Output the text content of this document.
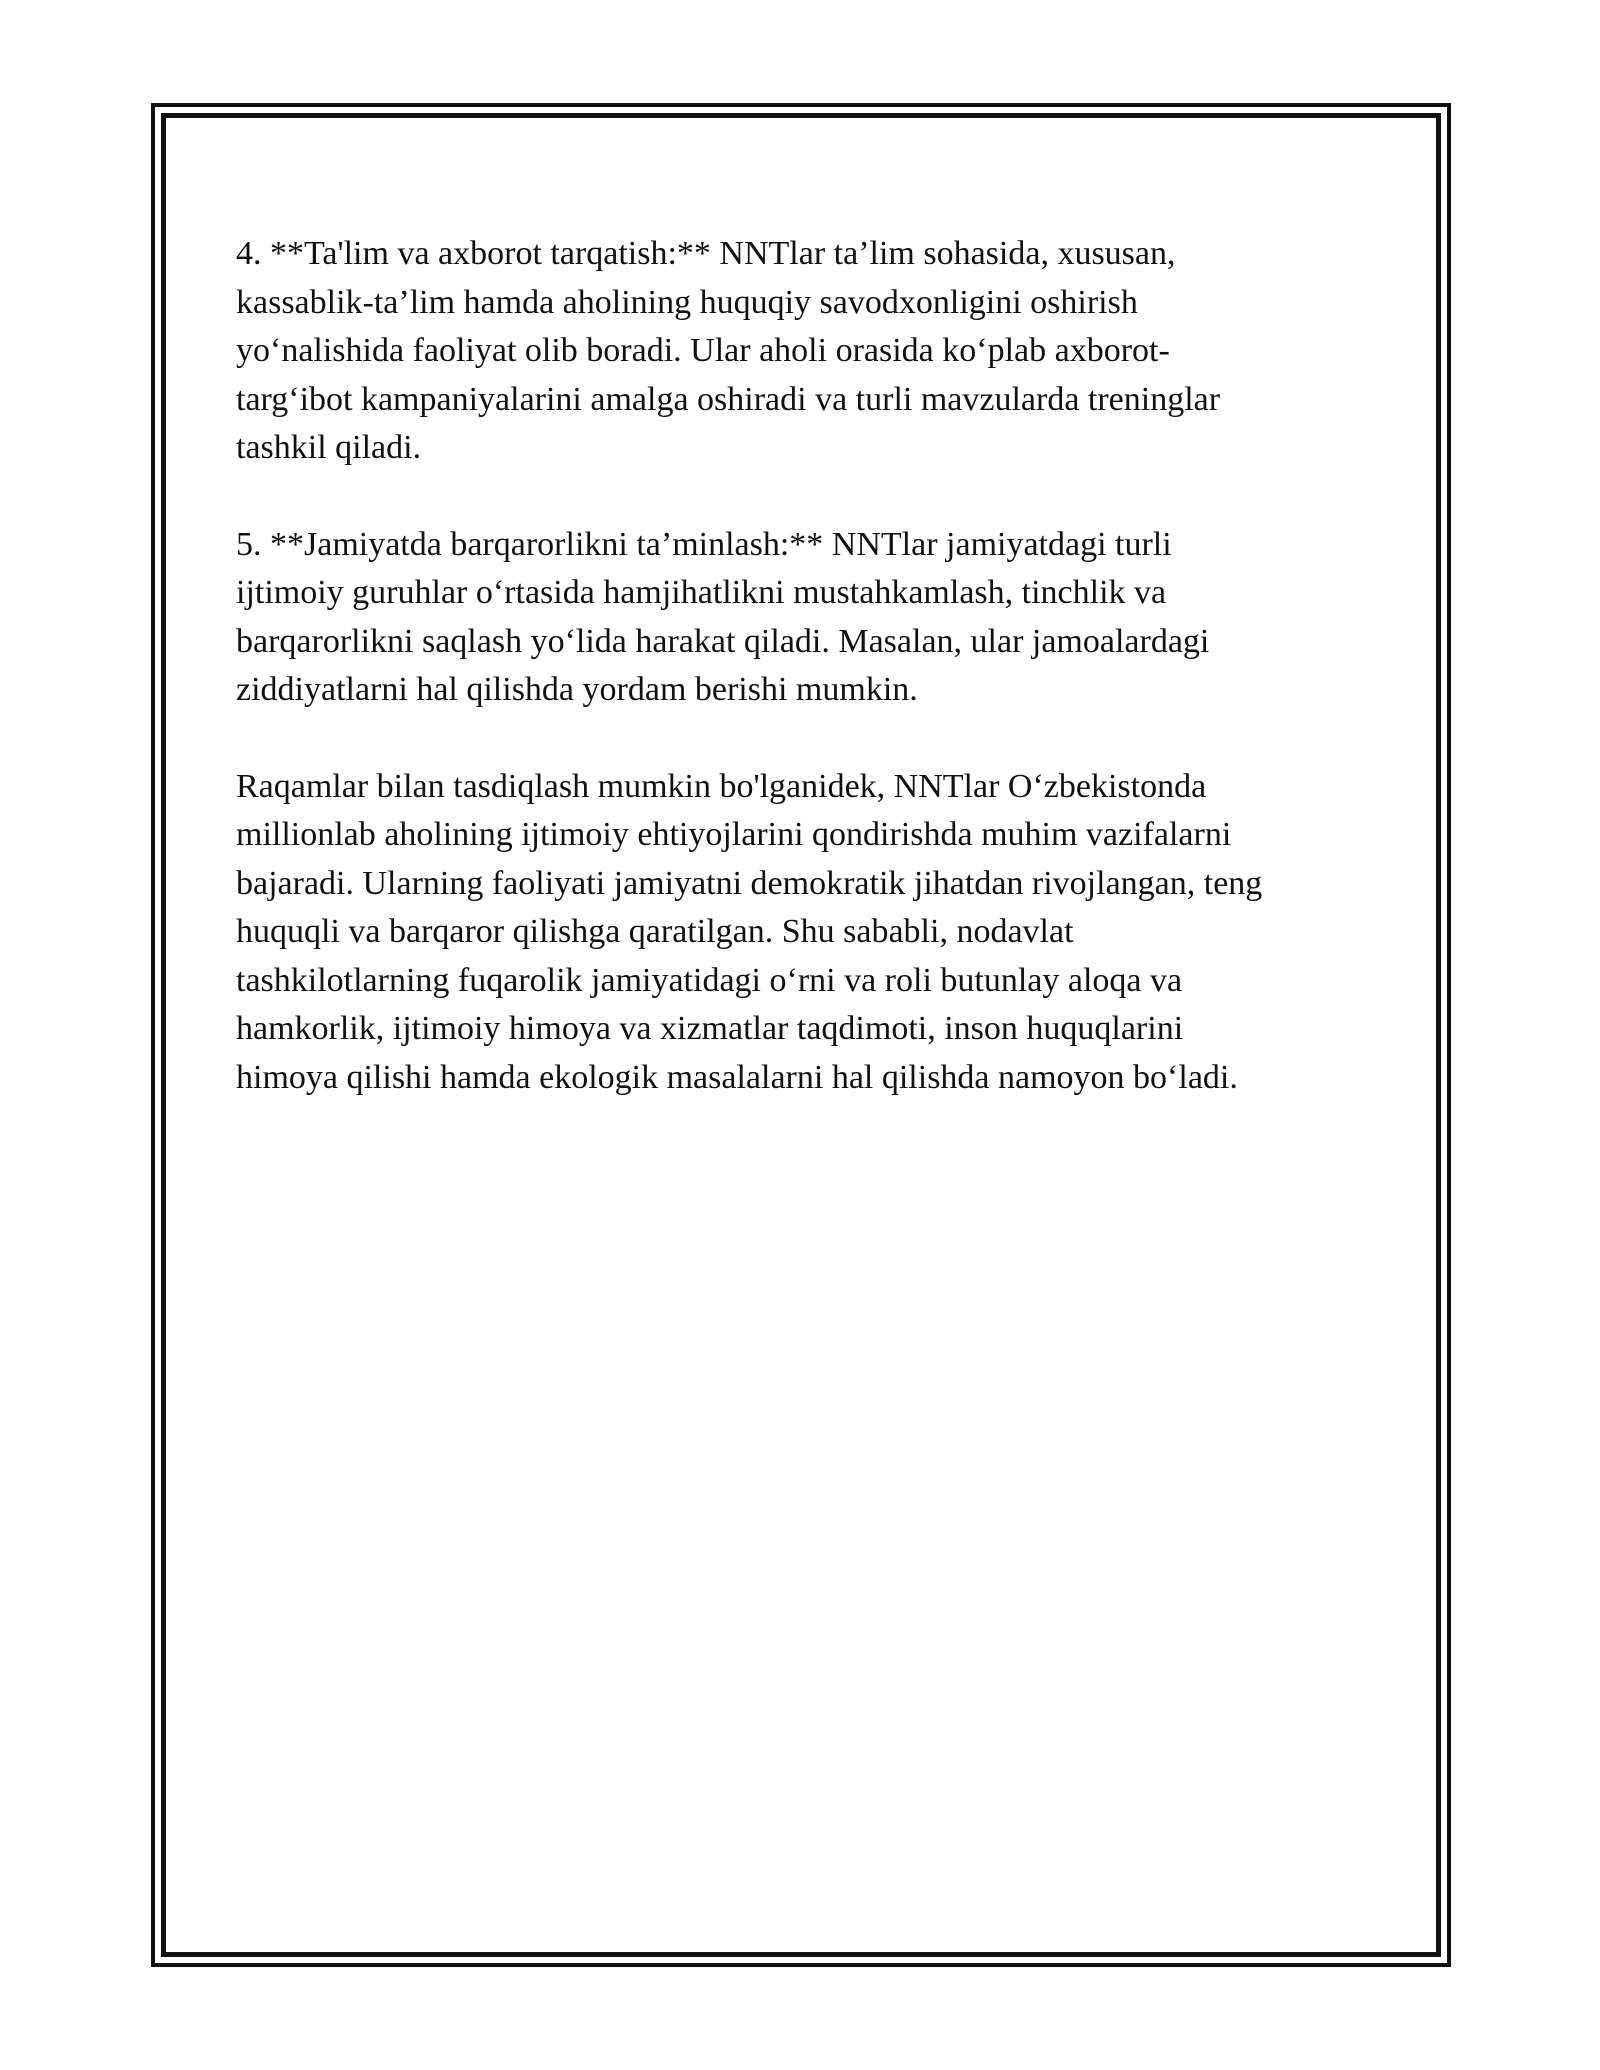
4. **Ta'lim va axborot tarqatish:** NNTlar ta’lim sohasida, xususan,
kassablik-ta’lim hamda aholining huquqiy savodxonligini oshirish
yo‘nalishida faoliyat olib boradi. Ular aholi orasida ko‘plab axborot-
targ‘ibot kampaniyalarini amalga oshiradi va turli mavzularda treninglar
tashkil qiladi.

5. **Jamiyatda barqarorlikni ta’minlash:** NNTlar jamiyatdagi turli
ijtimoiy guruhlar o‘rtasida hamjihatlikni mustahkamlash, tinchlik va
barqarorlikni saqlash yo‘lida harakat qiladi. Masalan, ular jamoalardagi
ziddiyatlarni hal qilishda yordam berishi mumkin.

Raqamlar bilan tasdiqlash mumkin bo'lganidek, NNTlar O‘zbekistonda
millionlab aholining ijtimoiy ehtiyojlarini qondirishda muhim vazifalarni
bajaradi. Ularning faoliyati jamiyatni demokratik jihatdan rivojlangan, teng
huquqli va barqaror qilishga qaratilgan. Shu sababli, nodavlat
tashkilotlarning fuqarolik jamiyatidagi o‘rni va roli butunlay aloqa va
hamkorlik, ijtimoiy himoya va xizmatlar taqdimoti, inson huquqlarini
himoya qilishi hamda ekologik masalalarni hal qilishda namoyon bo‘ladi.
